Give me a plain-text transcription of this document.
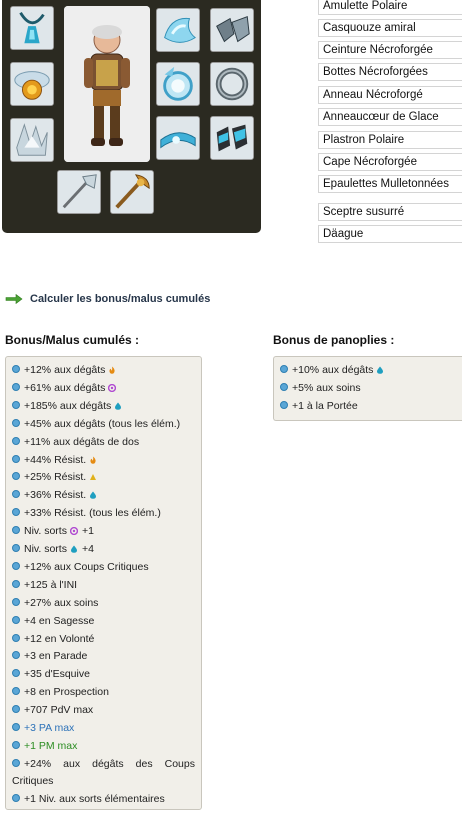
Amulette Polaire
Casquouze amiral
Ceinture Nécroforgée
Bottes Nécroforgées
Anneau Nécroforgé
Anneaucœur de Glace
Plastron Polaire
Cape Nécroforgée
Epaulettes Mulletonnées
Sceptre susurré
Däague
Calculer les bonus/malus cumulés
Bonus/Malus cumulés :	Bonus de panoplies :
+12% aux dégâts
+61% aux dégâts
+185% aux dégâts
+45% aux dégâts (tous les élém.)
+11% aux dégâts de dos
+44% Résist.
+25% Résist.
+36% Résist.
+33% Résist. (tous les élém.)
Niv. sorts +1
Niv. sorts +4
+12% aux Coups Critiques
+125 à l'INI
+27% aux soins
+4 en Sagesse
+12 en Volonté
+3 en Parade
+35 d'Esquive
+8 en Prospection
+707 PdV max
+3 PA max
+1 PM max
+24% aux dégâts des Coups Critiques
+1 Niv. aux sorts élémentaires
+10% aux dégâts
+5% aux soins
+1 à la Portée
